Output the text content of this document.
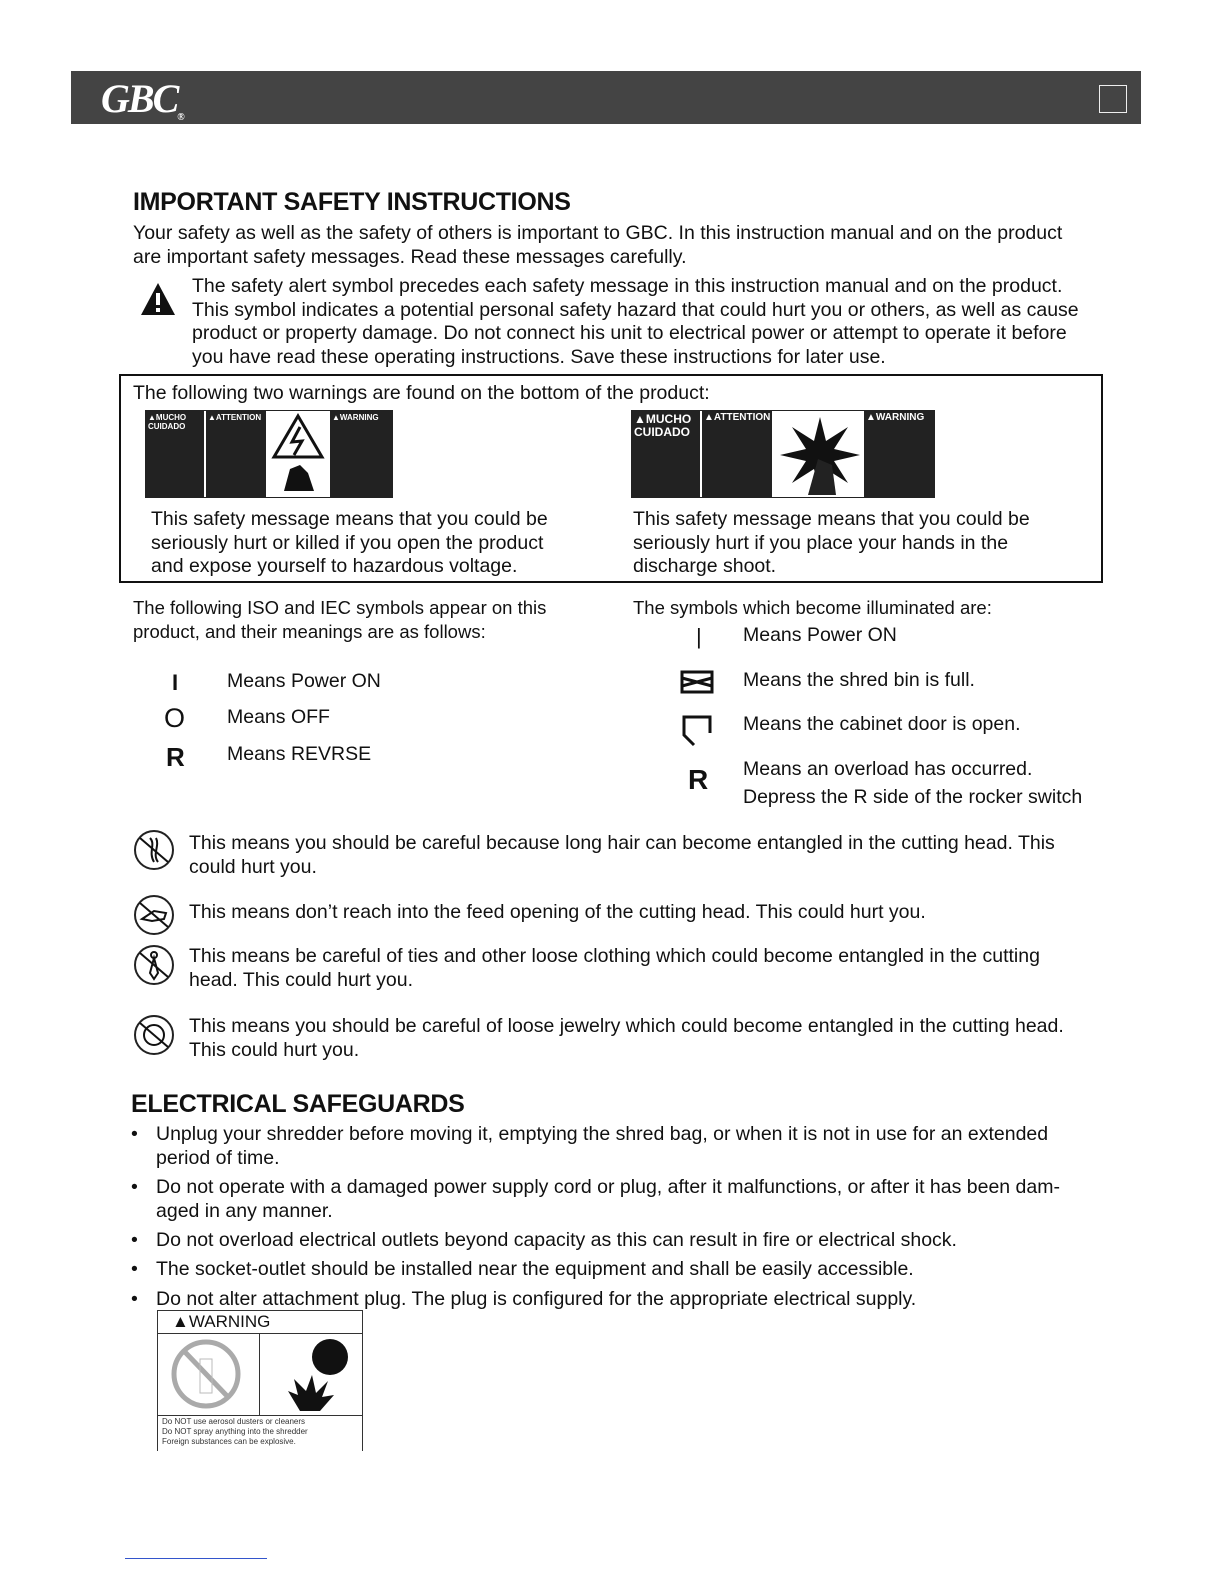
GBC®
IMPORTANT SAFETY INSTRUCTIONS
Your safety as well as the safety of others is important to GBC. In this instruction manual and on the product
are important safety messages. Read these messages carefully.
The safety alert symbol precedes each safety message in this instruction manual and on the product.
This symbol indicates a potential personal safety hazard that could hurt you or others, as well as cause
product or property damage. Do not connect his unit to electrical power or attempt to operate it before
you have read these operating instructions. Save these instructions for later use.
The following two warnings are found on the bottom of the product:
▲MUCHO CUIDADO
▲ATTENTION	▲WARNING	▲MUCHO CUIDADO
▲ATTENTION	▲WARNING
This safety message means that you could be
seriously hurt or killed if you open the product
and expose yourself to hazardous voltage.
This safety message means that you could be
seriously hurt if you place your hands in the
discharge shoot.
The following ISO and IEC symbols appear on this
product, and their meanings are as follows:
I	Means Power ON
O Means OFF
R Means REVRSE
The symbols which become illuminated are:
| Means Power ON
Means the shred bin is full.
Means the cabinet door is open.
R Means an overload has occurred.
Depress the R side of the rocker switch
This means you should be careful because long hair can become entangled in the cutting head. This
could hurt you.
This means don’t reach into the feed opening of the cutting head. This could hurt you.
This means be careful of ties and other loose clothing which could become entangled in the cutting
head. This could hurt you.
This means you should be careful of loose jewelry which could become entangled in the cutting head.
This could hurt you.
ELECTRICAL SAFEGUARDS
• Unplug your shredder before moving it, emptying the shred bag, or when it is not in use for an extended
period of time.
• Do not operate with a damaged power supply cord or plug, after it malfunctions, or after it has been dam-
aged in any manner.
• Do not overload electrical outlets beyond capacity as this can result in fire or electrical shock.
• The socket-outlet should be installed near the equipment and shall be easily accessible.
• Do not alter attachment plug. The plug is configured for the appropriate electrical supply.
▲WARNING
Do NOT use aerosol dusters or cleaners
Do NOT spray anything into the shredder
Foreign substances can be explosive.
